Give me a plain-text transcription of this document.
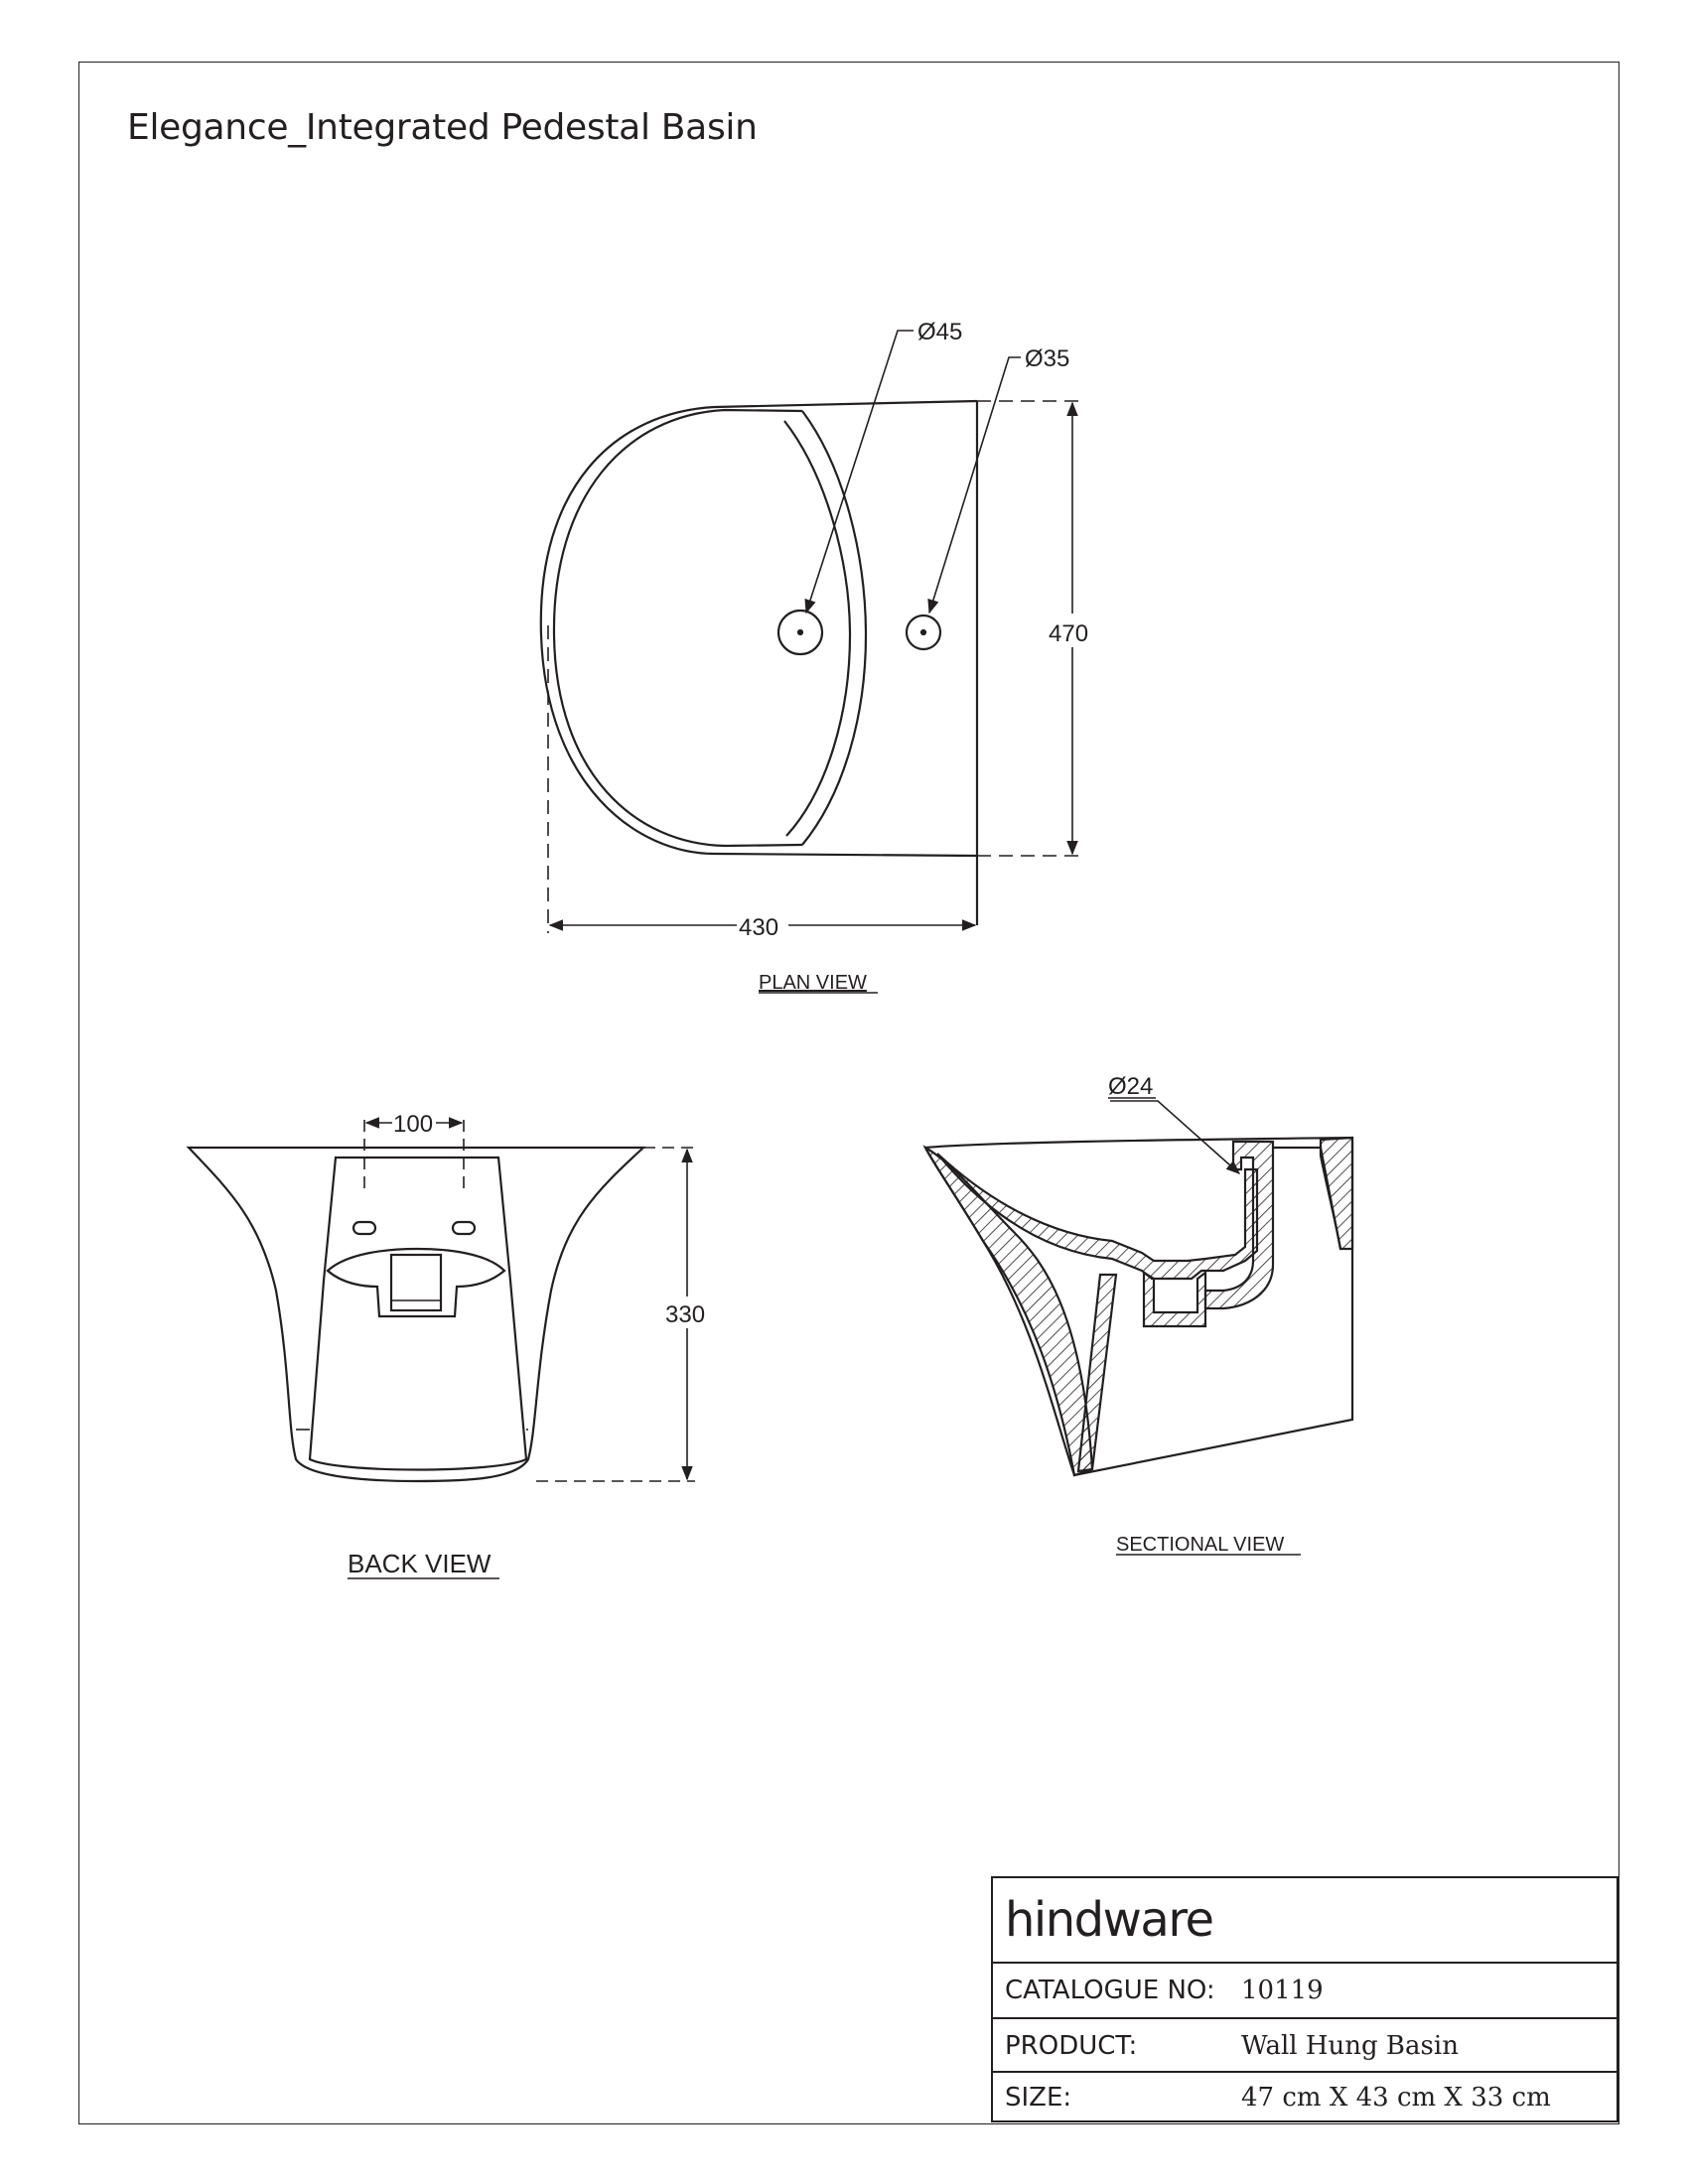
Elegance_Integrated Pedestal Basin
Ø45
Ø35
470
430
PLAN VIEW
100
330
BACK VIEW
Ø24
SECTIONAL VIEW
hindware
CATALOGUE NO: 10119
PRODUCT:	Wall Hung Basin
SIZE:	47 cm X 43 cm X 33 cm
